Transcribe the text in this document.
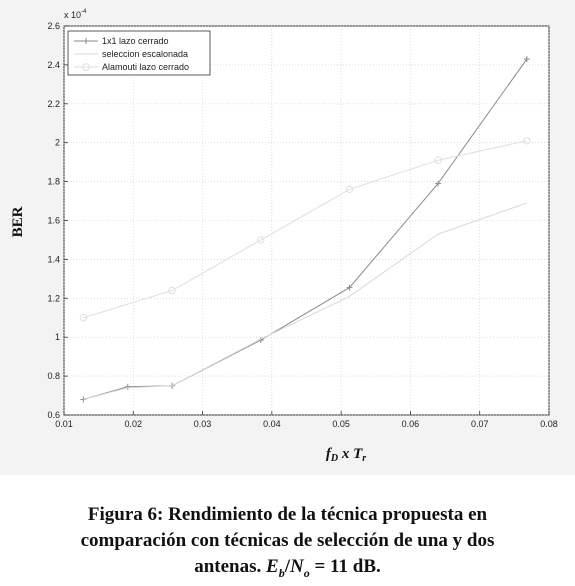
0.01	0.02	0.03	0.04	0.05	0.06	0.07	0.08
0.6
0.8
1
1.2
1.4
1.6
1.8
2
2.2
2.4
2.6
x $10^{-4}$
BER
$f_D$ x $T_r$
1x1 lazo cerrado
seleccion escalonada
Alamouti lazo cerrado
Figura 6: Rendimiento de la técnica propuesta en
comparación con técnicas de selección de una y dos
antenas. $E_b/N_o = 11$ dB.
